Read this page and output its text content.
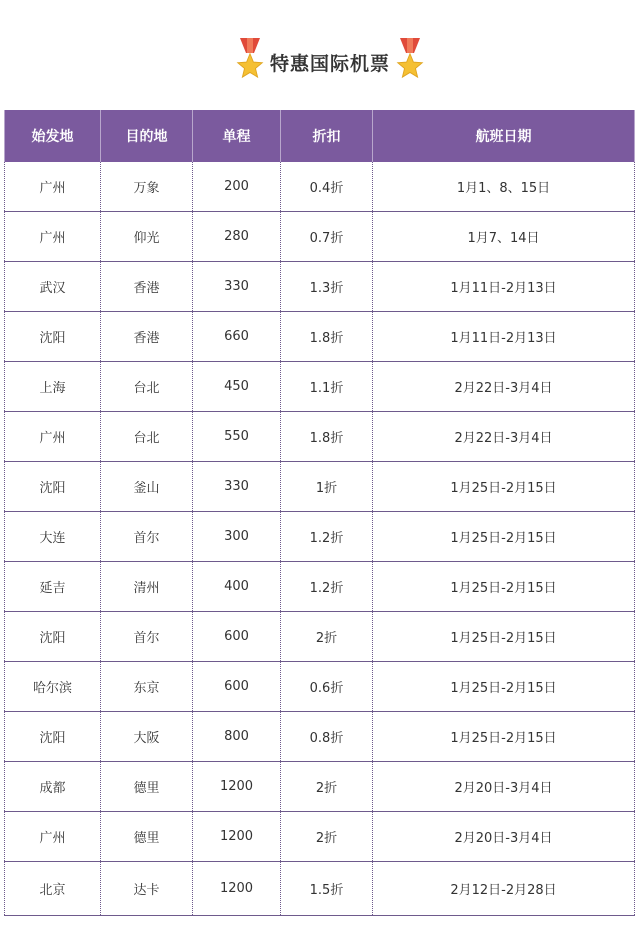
特惠国际机票
始发地	目的地	单程	折扣	航班日期
广州	万象	200	0.4折	1月1、8、15日
广州	仰光	280	0.7折	1月7、14日
武汉	香港	330	1.3折	1月11日-2月13日
沈阳	香港	660	1.8折	1月11日-2月13日
上海	台北	450	1.1折	2月22日-3月4日
广州	台北	550	1.8折	2月22日-3月4日
沈阳	釜山	330	1折	1月25日-2月15日
大连	首尔	300	1.2折	1月25日-2月15日
延吉	清州	400	1.2折	1月25日-2月15日
沈阳	首尔	600	2折	1月25日-2月15日
哈尔滨	东京	600	0.6折	1月25日-2月15日
沈阳	大阪	800	0.8折	1月25日-2月15日
成都	德里	1200	2折	2月20日-3月4日
广州	德里	1200	2折	2月20日-3月4日
北京	达卡	1200	1.5折	2月12日-2月28日
